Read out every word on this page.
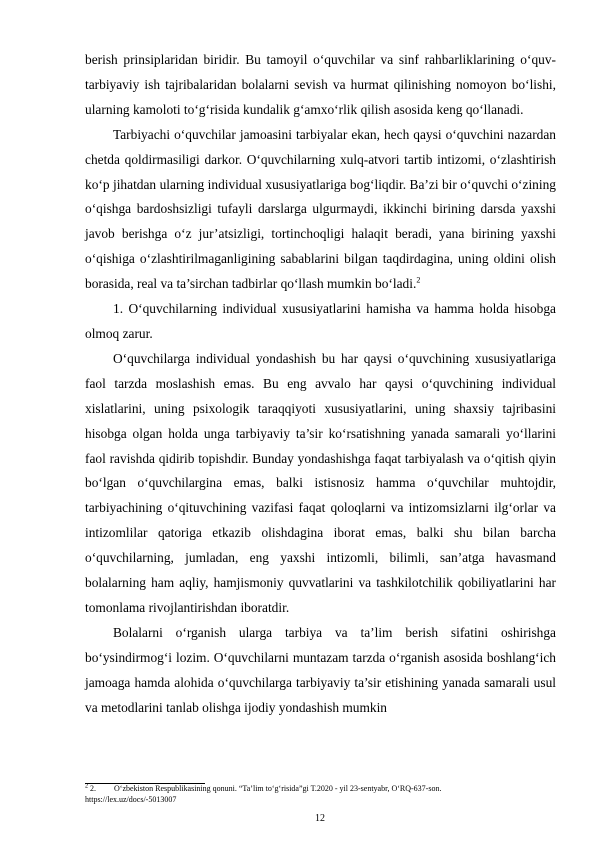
berish prinsiplaridan biridir. Bu tamoyil o‘quvchilar va sinf rahbarliklarining o‘quv-tarbiyaviy ish tajribalaridan bolalarni sevish va hurmat qilinishing nomoyon bo‘lishi, ularning kamoloti to‘g‘risida kundalik g‘amxo‘rlik qilish asosida keng qo‘llanadi.

Tarbiyachi o‘quvchilar jamoasini tarbiyalar ekan, hech qaysi o‘quvchini nazardan chetda qoldirmasiligi darkor. O‘quvchilarning xulq-atvori tartib intizomi, o‘zlashtirish ko‘p jihatdan ularning individual xususiyatlariga bog‘liqdir. Ba’zi bir o‘quvchi o‘zining o‘qishga bardoshsizligi tufayli darslarga ulgurmaydi, ikkinchi birining darsda yaxshi javob berishga o‘z jur’atsizligi, tortinchoqligi halaqit beradi, yana birining yaxshi o‘qishiga o‘zlashtirilmaganligining sabablarini bilgan taqdirdagina, uning oldini olish borasida, real va ta’sirchan tadbirlar qo‘llash mumkin bo‘ladi.$^2$

1. O‘quvchilarning individual xususiyatlarini hamisha va hamma holda hisobga olmoq zarur.

O‘quvchilarga individual yondashish bu har qaysi o‘quvchining xususiyatlariga faol tarzda moslashish emas. Bu eng avvalo har qaysi o‘quvchining individual xislatlarini, uning psixologik taraqqiyoti xususiyatlarini, uning shaxsiy tajribasini hisobga olgan holda unga tarbiyaviy ta’sir ko‘rsatishning yanada samarali yo‘llarini faol ravishda qidirib topishdir. Bunday yondashishga faqat tarbiyalash va o‘qitish qiyin bo‘lgan o‘quvchilargina emas, balki istisnosiz hamma o‘quvchilar muhtojdir, tarbiyachining o‘qituvchining vazifasi faqat qoloqlarni va intizomsizlarni ilg‘orlar va intizomlilar qatoriga etkazib olishdagina iborat emas, balki shu bilan barcha o‘quvchilarning, jumladan, eng yaxshi intizomli, bilimli, san’atga havasmand bolalarning ham aqliy, hamjismoniy quvvatlarini va tashkilotchilik qobiliyatlarini har tomonlama rivojlantirishdan iboratdir.

Bolalarni o‘rganish ularga tarbiya va ta’lim berish sifatini oshirishga bo‘ysindirmog‘i lozim. O‘quvchilarni muntazam tarzda o‘rganish asosida boshlang‘ich jamoaga hamda alohida o‘quvchilarga tarbiyaviy ta’sir etishining yanada samarali usul va metodlarini tanlab olishga ijodiy yondashish mumkin

$^2$ 2. O‘zbekiston Respublikasining qonuni. “Ta’lim to‘g‘risida”gi T.2020 - yil 23-sentyabr, O‘RQ-637-son.
https://lex.uz/docs/-5013007
12
